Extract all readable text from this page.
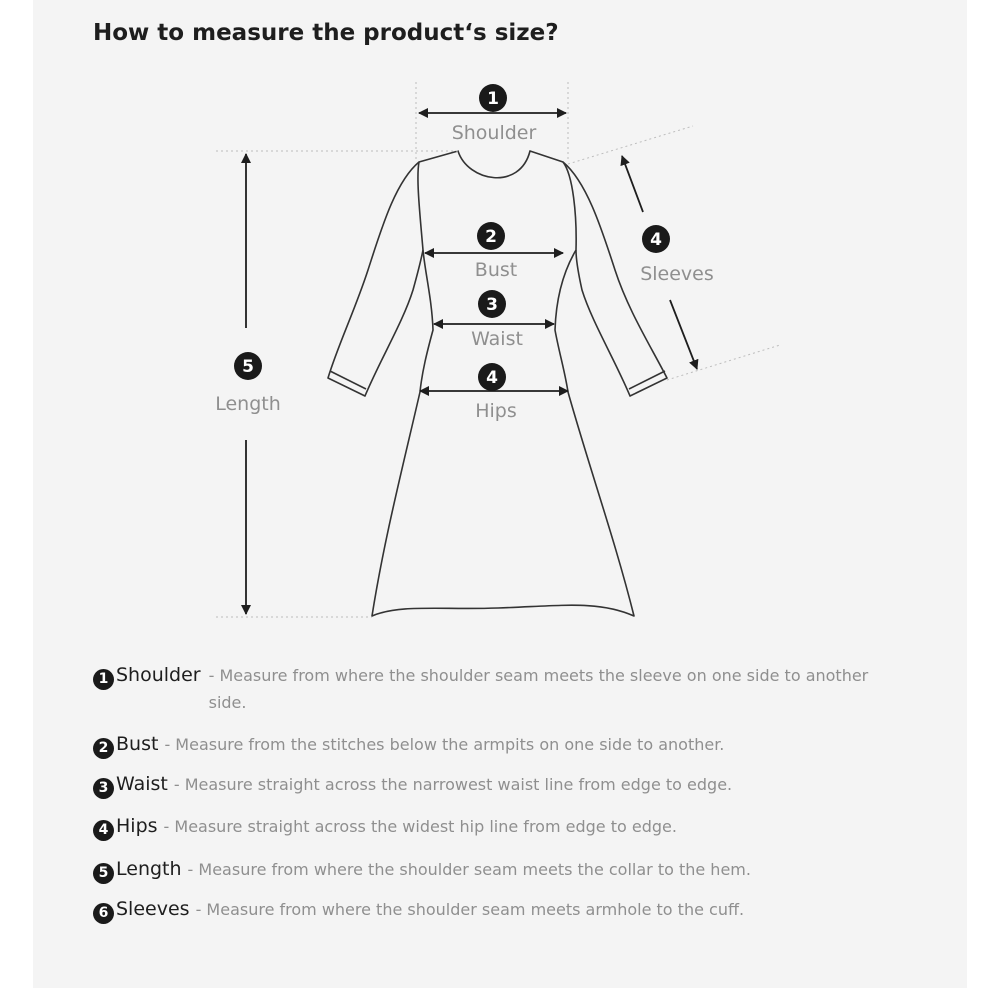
How to measure the product‘s size?
1
Shoulder
2
Bust
3
Waist
4
Hips
5
Length
4
Sleeves
1 Shoulder - Measure from where the shoulder seam meets the sleeve on one side to another side.
2 Bust - Measure from the stitches below the armpits on one side to another.
3 Waist - Measure straight across the narrowest waist line from edge to edge.
4 Hips - Measure straight across the widest hip line from edge to edge.
5 Length - Measure from where the shoulder seam meets the collar to the hem.
6 Sleeves - Measure from where the shoulder seam meets armhole to the cuff.
